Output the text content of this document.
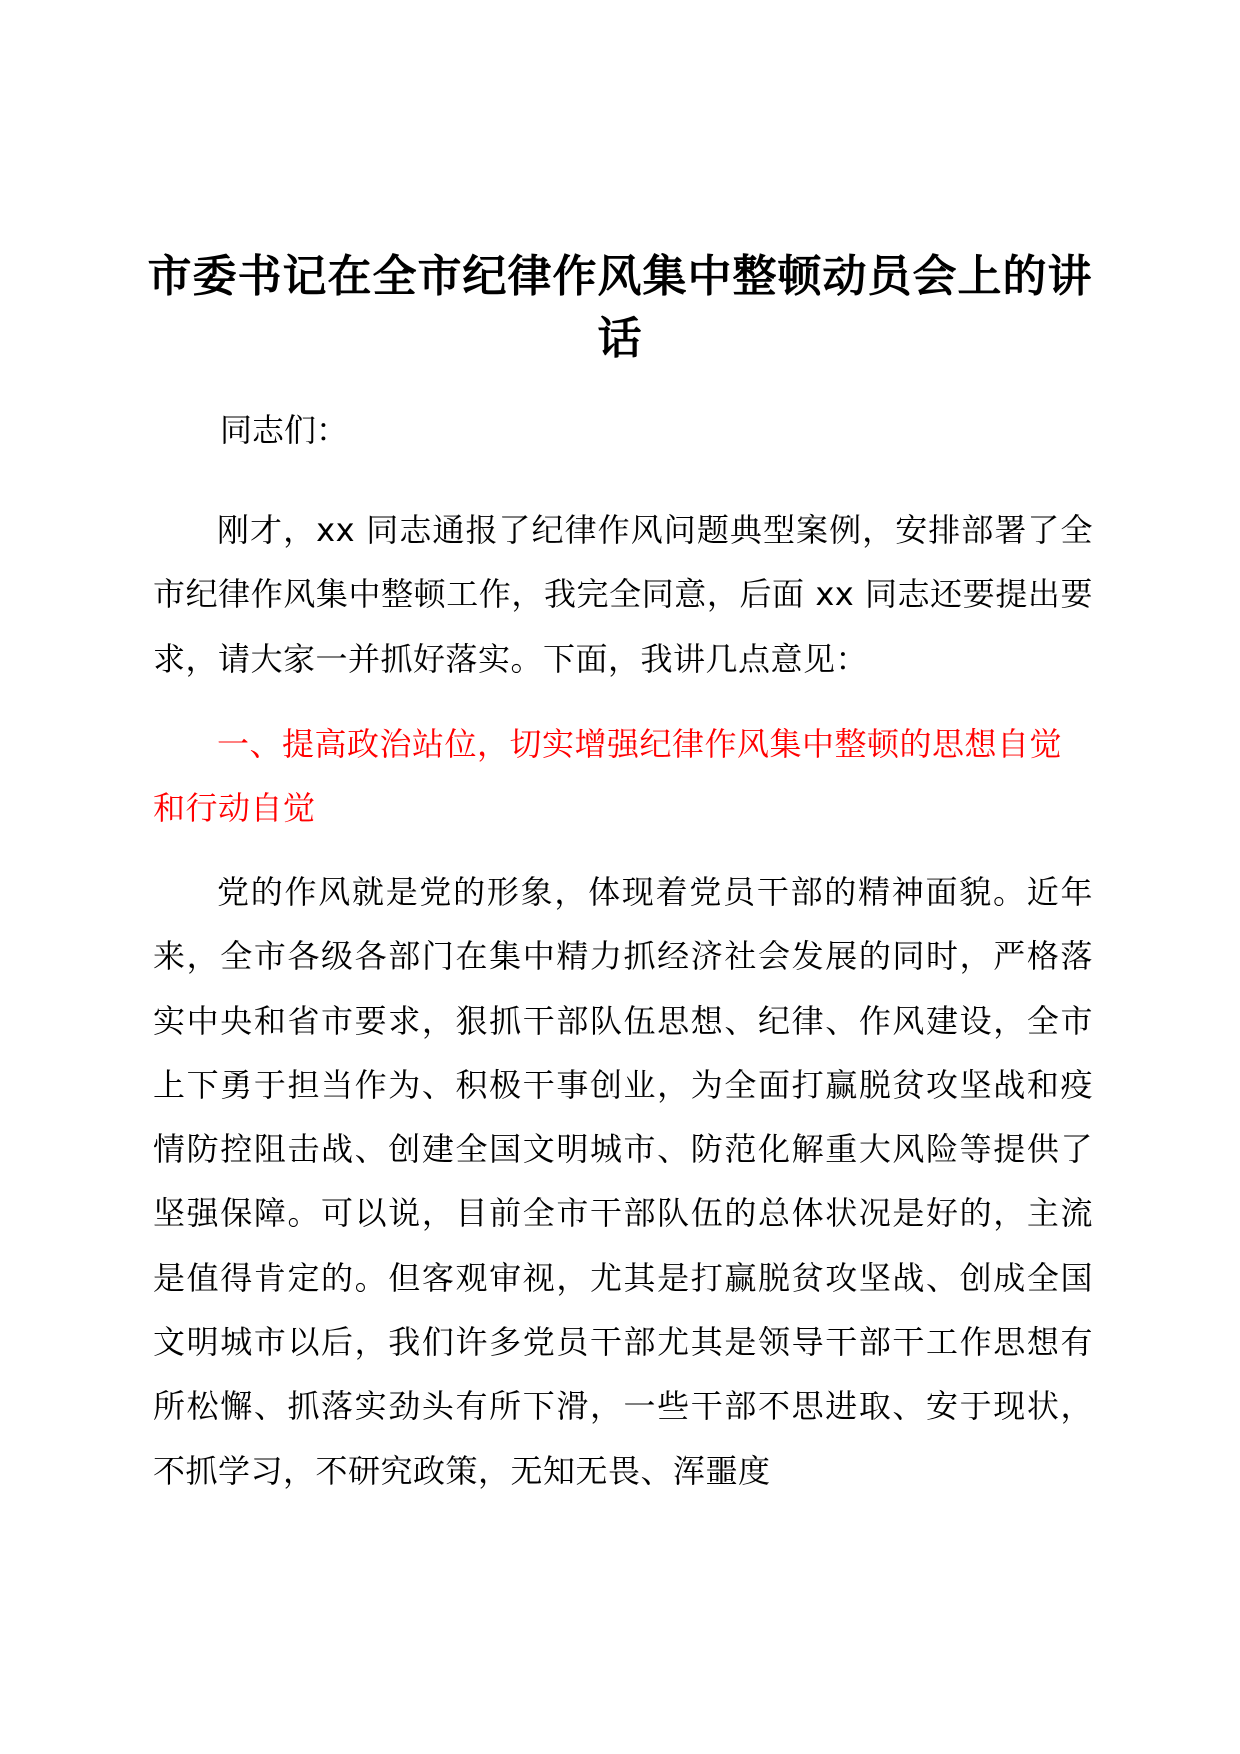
市委书记在全市纪律作风集中整顿动员会上的讲话
同志们：

刚才，xx 同志通报了纪律作风问题典型案例，安排部署了全市纪律作风集中整顿工作，我完全同意，后面 xx 同志还要提出要求，请大家一并抓好落实。下面，我讲几点意见：

一、提高政治站位，切实增强纪律作风集中整顿的思想自觉和行动自觉

党的作风就是党的形象，体现着党员干部的精神面貌。近年来，全市各级各部门在集中精力抓经济社会发展的同时，严格落实中央和省市要求，狠抓干部队伍思想、纪律、作风建设，全市上下勇于担当作为、积极干事创业，为全面打赢脱贫攻坚战和疫情防控阻击战、创建全国文明城市、防范化解重大风险等提供了坚强保障。可以说，目前全市干部队伍的总体状况是好的，主流是值得肯定的。但客观审视，尤其是打赢脱贫攻坚战、创成全国文明城市以后，我们许多党员干部尤其是领导干部干工作思想有所松懈、抓落实劲头有所下滑，一些干部不思进取、安于现状，不抓学习，不研究政策，无知无畏、浑噩度
